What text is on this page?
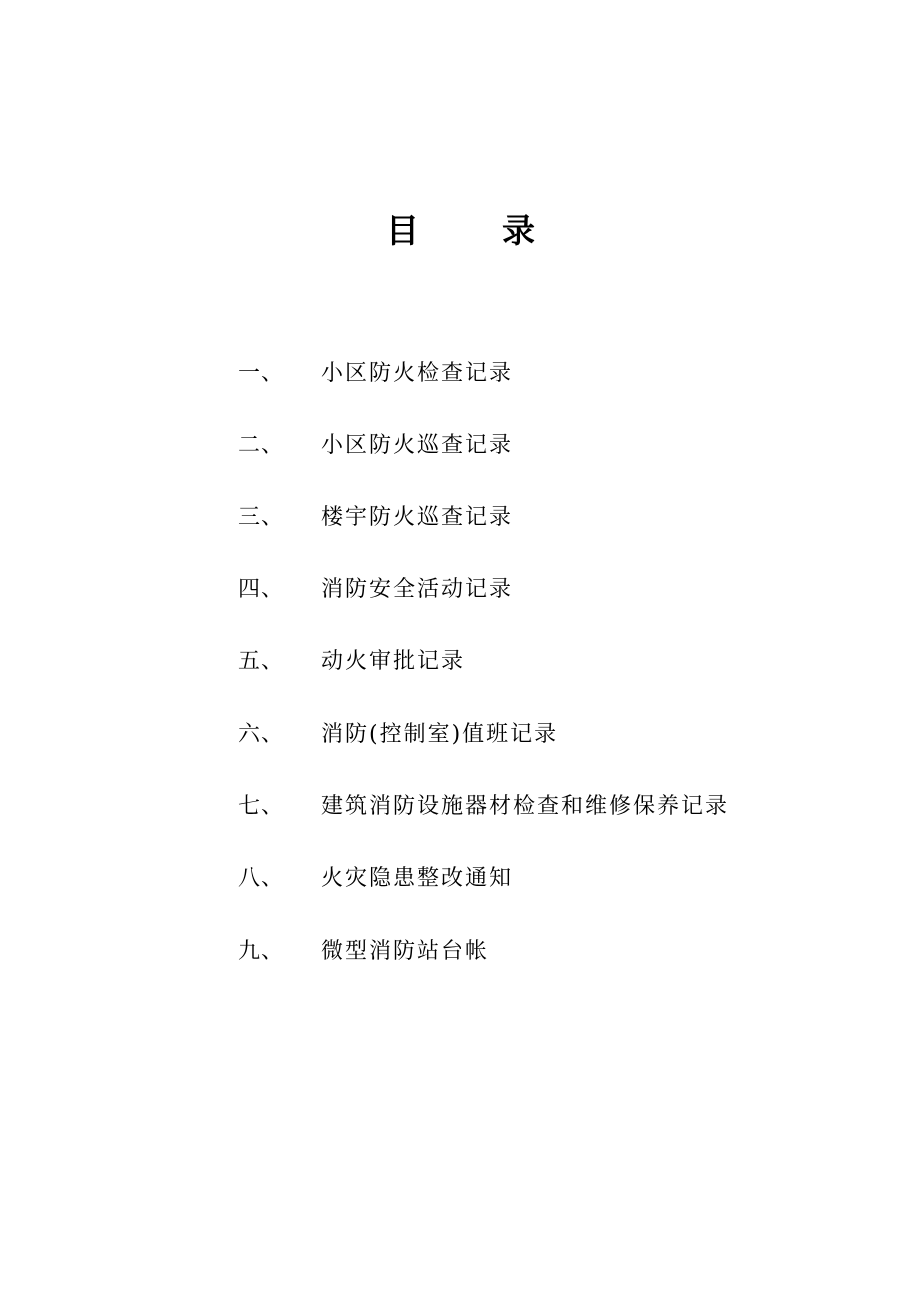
目	录
一、 小区防火检查记录
二、 小区防火巡查记录
三、 楼宇防火巡查记录
四、 消防安全活动记录
五、 动火审批记录
六、 消防(控制室)值班记录
七、 建筑消防设施器材检查和维修保养记录
八、 火灾隐患整改通知
九、 微型消防站台帐
